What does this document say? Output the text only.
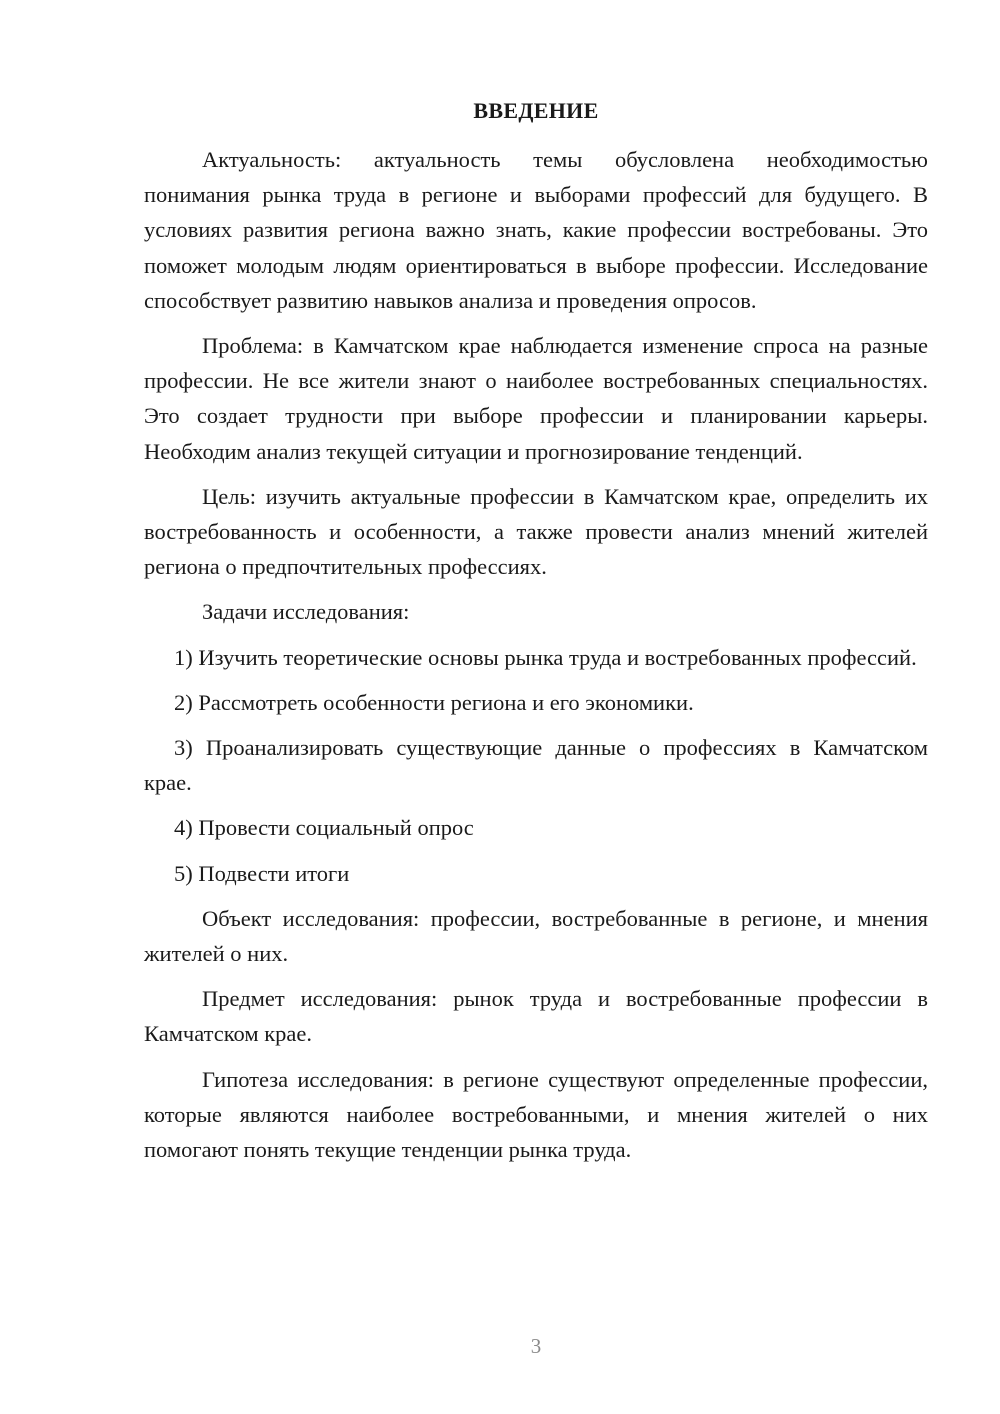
ВВЕДЕНИЕ

Актуальность: актуальность темы обусловлена необходимостью понимания рынка труда в регионе и выборами профессий для будущего. В условиях развития региона важно знать, какие профессии востребованы. Это поможет молодым людям ориентироваться в выборе профессии. Исследование способствует развитию навыков анализа и проведения опросов.

Проблема: в Камчатском крае наблюдается изменение спроса на разные профессии. Не все жители знают о наиболее востребованных специальностях. Это создает трудности при выборе профессии и планировании карьеры. Необходим анализ текущей ситуации и прогнозирование тенденций.

Цель: изучить актуальные профессии в Камчатском крае, определить их востребованность и особенности, а также провести анализ мнений жителей региона о предпочтительных профессиях.

Задачи исследования:

1) Изучить теоретические основы рынка труда и востребованных профессий.

2) Рассмотреть особенности региона и его экономики.

3) Проанализировать существующие данные о профессиях в Камчатском крае.

4) Провести социальный опрос

5) Подвести итоги

Объект исследования: профессии, востребованные в регионе, и мнения жителей о них.

Предмет исследования: рынок труда и востребованные профессии в Камчатском крае.

Гипотеза исследования: в регионе существуют определенные профессии, которые являются наиболее востребованными, и мнения жителей о них помогают понять текущие тенденции рынка труда.

3
